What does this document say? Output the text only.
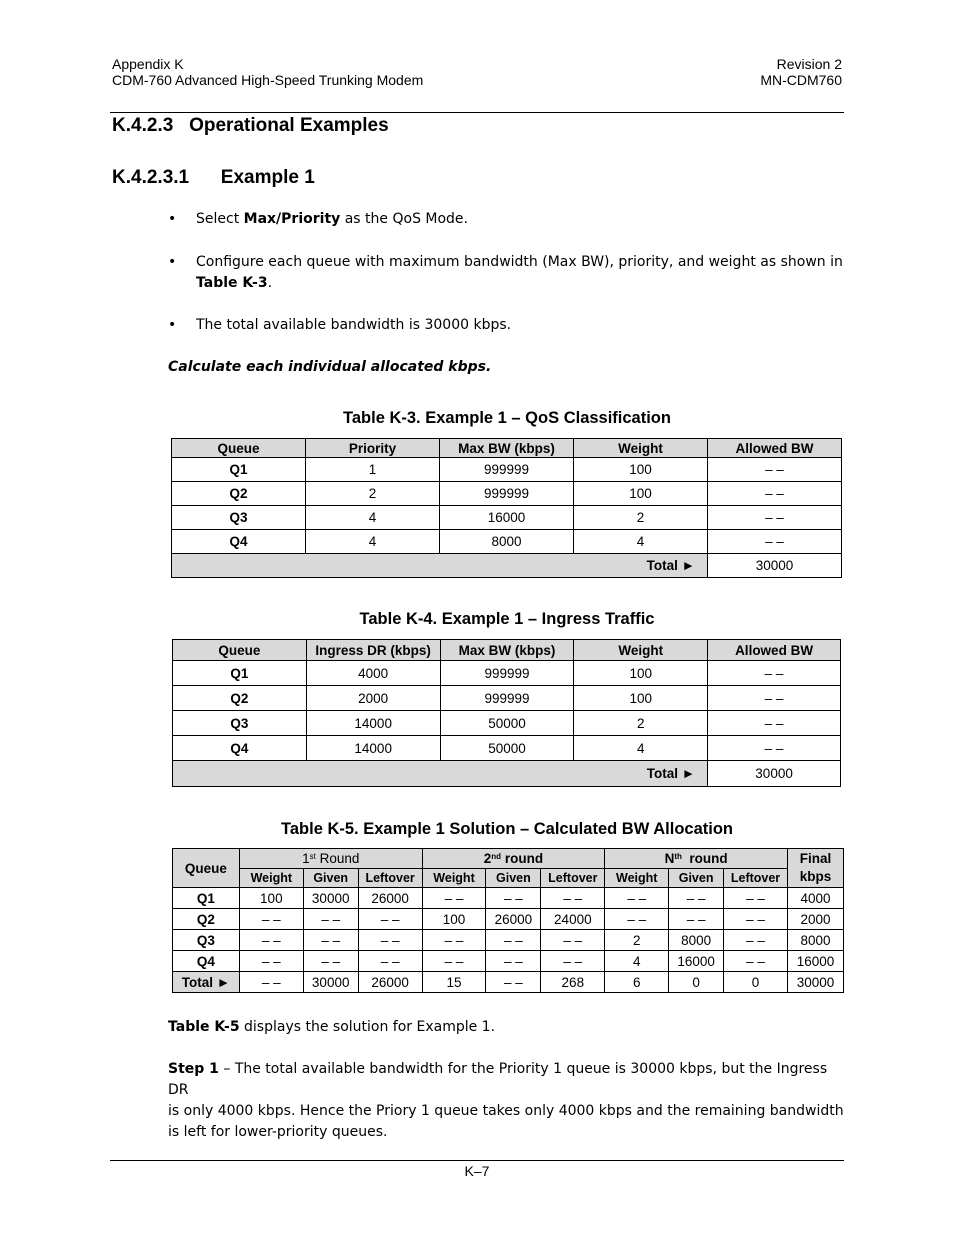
Appendix K
CDM-760 Advanced High-Speed Trunking Modem
Revision 2
MN-CDM760
K.4.2.3   Operational Examples
K.4.2.3.1      Example 1
• Select Max/Priority as the QoS Mode.
• Configure each queue with maximum bandwidth (Max BW), priority, and weight as shown in
Table K-3.
• The total available bandwidth is 30000 kbps.
Calculate each individual allocated kbps.
Table K-3. Example 1 – QoS Classification
Queue	Priority	Max BW (kbps)	Weight	Allowed BW
Q1	1	999999	100	– –
Q2	2	999999	100	– –
Q3	4	16000	2	– –
Q4	4	8000	4	– –
Total ►				30000
Table K-4. Example 1 – Ingress Traffic
Queue	Ingress DR (kbps)	Max BW (kbps)	Weight	Allowed BW
Q1	4000	999999	100	– –
Q2	2000	999999	100	– –
Q3	14000	50000	2	– –
Q4	14000	50000	4	– –
Total ►				30000
Table K-5. Example 1 Solution – Calculated BW Allocation
Queue	1st Round			2nd round			$N^{th}$  round			Final
kbps
	Weight	Given	Leftover	Weight	Given	Leftover	Weight	Given	Leftover	
Q1	100	30000	26000	– –	– –	– –	– –	– –	– –	4000
Q2	– –	– –	– –	100	26000	24000	– –	– –	– –	2000
Q3	– –	– –	– –	– –	– –	– –	2	8000	– –	8000
Q4	– –	– –	– –	– –	– –	– –	4	16000	– –	16000
Total ►	– –	30000	26000	15	– –	268	6	0	0	30000
Table K-5 displays the solution for Example 1.
Step 1 – The total available bandwidth for the Priority 1 queue is 30000 kbps, but the Ingress DR
is only 4000 kbps. Hence the Priory 1 queue takes only 4000 kbps and the remaining bandwidth
is left for lower-priority queues.
K–7
